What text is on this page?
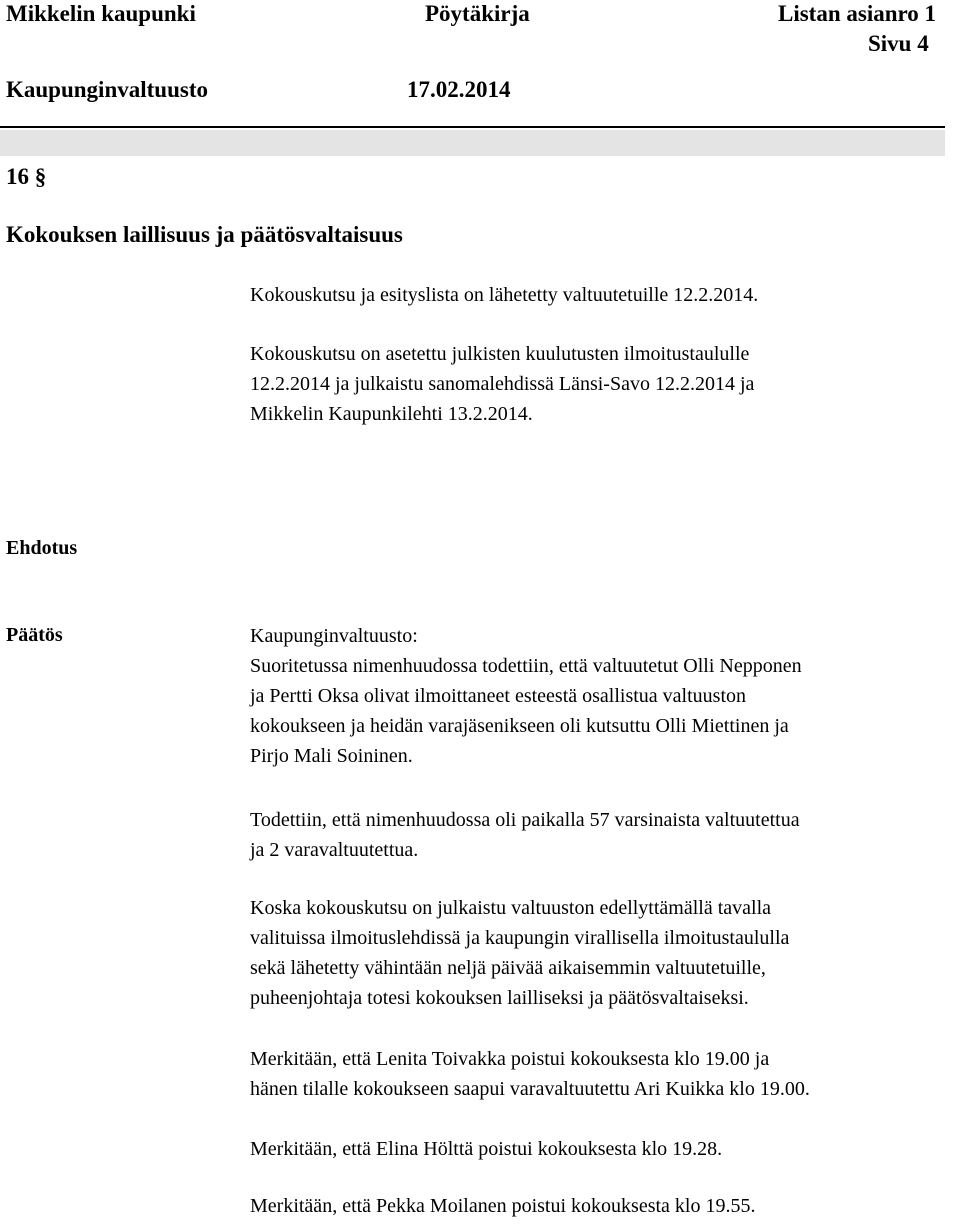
Mikkelin kaupunki	Pöytäkirja	Listan asianro 1
Sivu 4
Kaupunginvaltuusto	17.02.2014
16 §
Kokouksen laillisuus ja päätösvaltaisuus
Kokouskutsu ja esityslista on lähetetty valtuutetuille 12.2.2014.
Kokouskutsu on asetettu julkisten kuulutusten ilmoitustaululle
12.2.2014 ja julkaistu sanomalehdissä Länsi-Savo 12.2.2014 ja
Mikkelin Kaupunkilehti 13.2.2014.
Ehdotus
Päätös	Kaupunginvaltuusto:
Suoritetussa nimenhuudossa todettiin, että valtuutetut Olli Nepponen
ja Pertti Oksa olivat ilmoittaneet esteestä osallistua valtuuston
kokoukseen ja heidän varajäsenikseen oli kutsuttu Olli Miettinen ja
Pirjo Mali Soininen.
Todettiin, että nimenhuudossa oli paikalla 57 varsinaista valtuutettua
ja 2 varavaltuutettua.
Koska kokouskutsu on julkaistu valtuuston edellyttämällä tavalla
valituissa ilmoituslehdissä ja kaupungin virallisella ilmoitustaululla
sekä lähetetty vähintään neljä päivää aikaisemmin valtuutetuille,
puheenjohtaja totesi kokouksen lailliseksi ja päätösvaltaiseksi.
Merkitään, että Lenita Toivakka poistui kokouksesta klo 19.00 ja
hänen tilalle kokoukseen saapui varavaltuutettu Ari Kuikka klo 19.00.
Merkitään, että Elina Hölttä poistui kokouksesta klo 19.28.
Merkitään, että Pekka Moilanen poistui kokouksesta klo 19.55.
